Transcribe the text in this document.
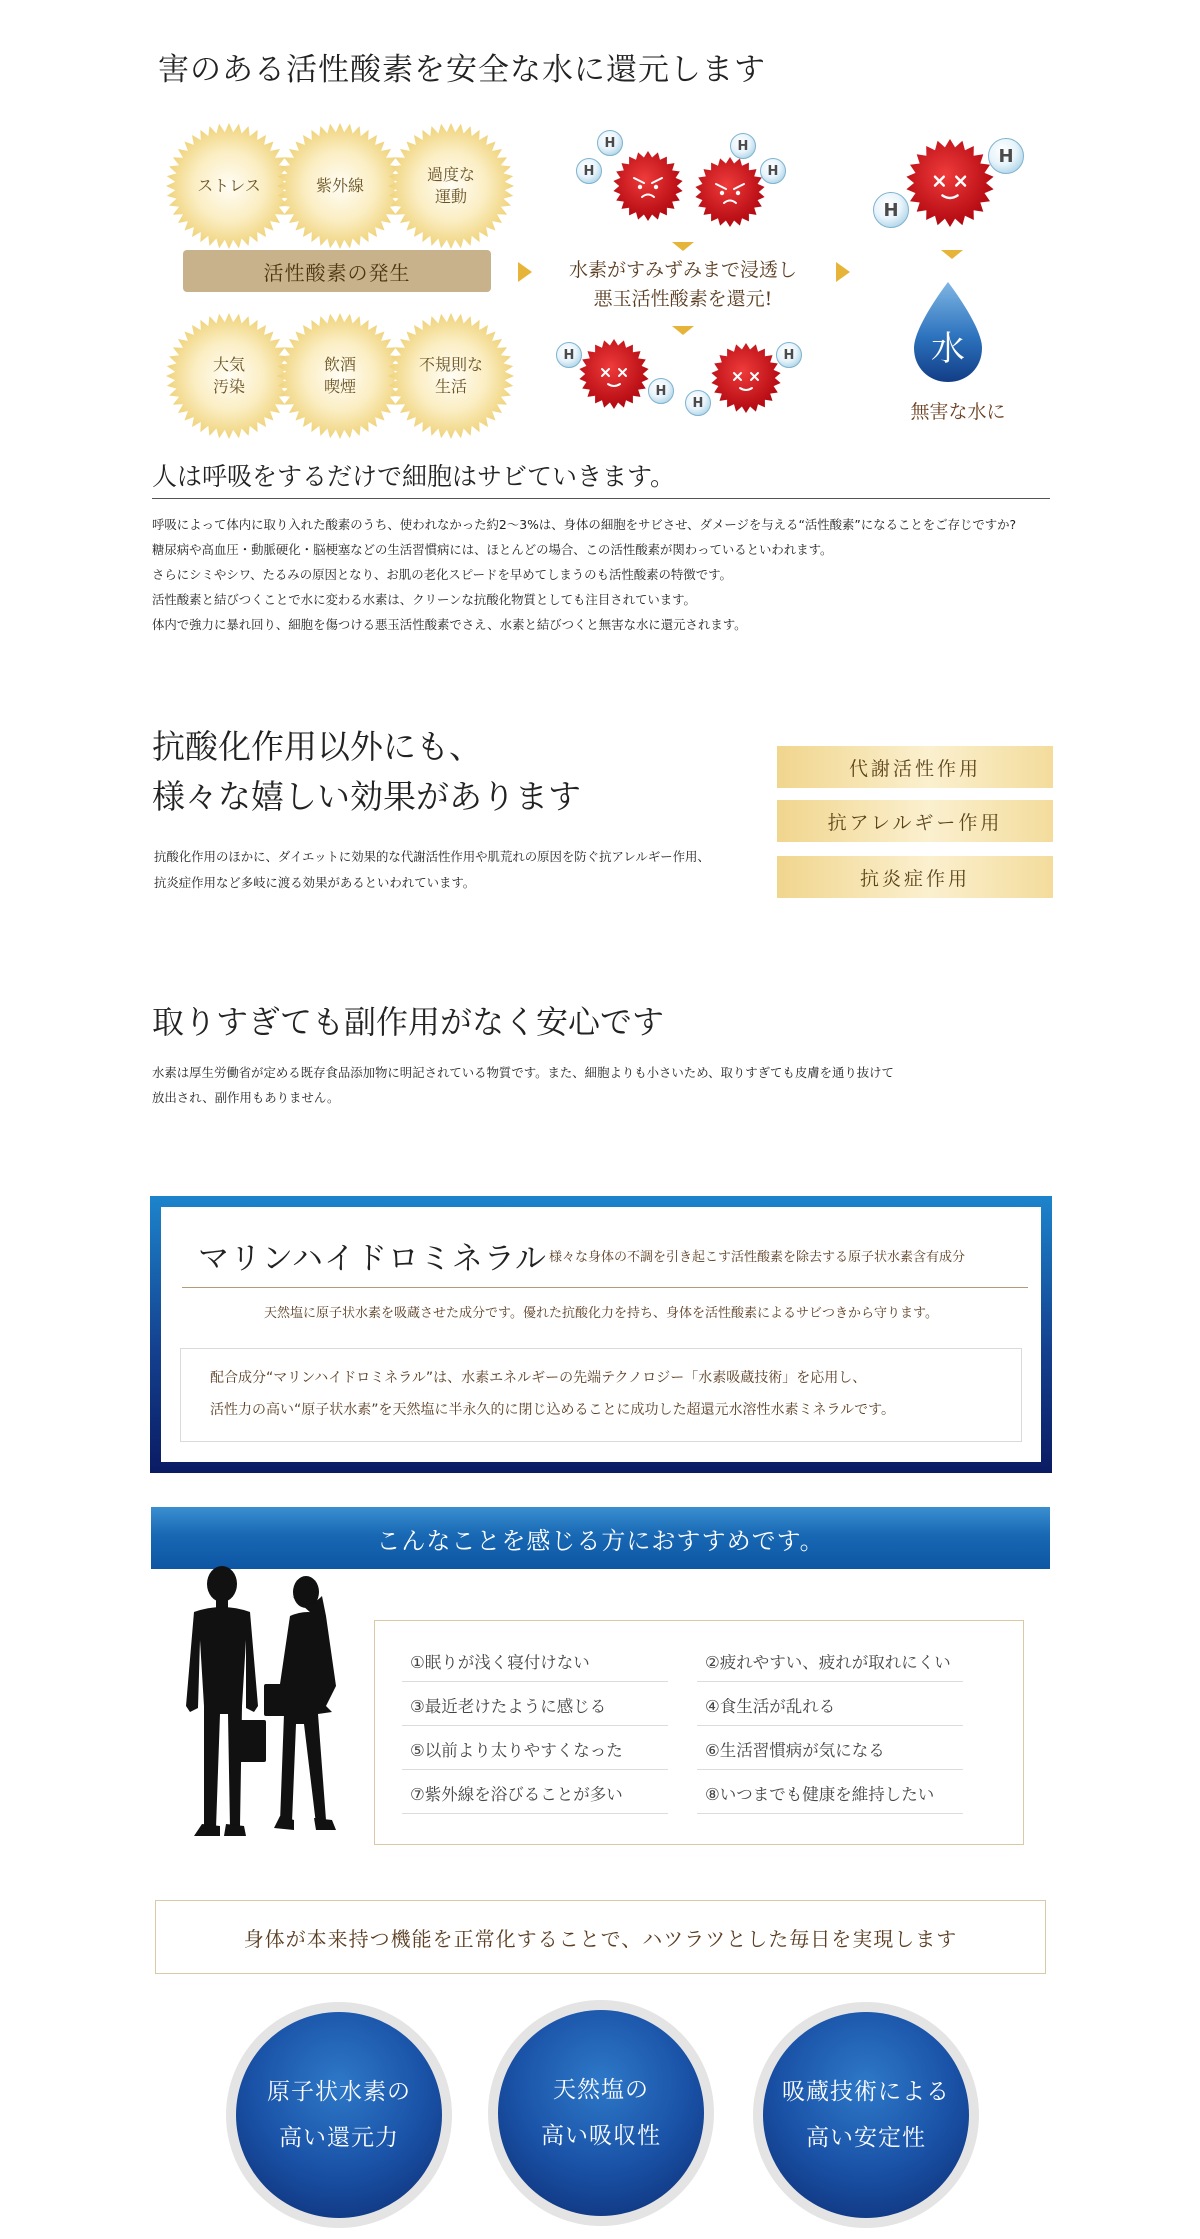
害のある活性酸素を安全な水に還元します
ストレス	紫外線
過度な
運動
活性酸素の発生
大気
汚染
飲酒
喫煙
不規則な
生活
水素がすみずみまで浸透し
悪玉活性酸素を還元!
H
H
H
H
H
H
H
H
H
H
水
無害な水に
人は呼吸をするだけで細胞はサビていきます。
呼吸によって体内に取り入れた酸素のうち、使われなかった約2～3%は、身体の細胞をサビさせ、ダメージを与える“活性酸素”になることをご存じですか?
糖尿病や高血圧・動脈硬化・脳梗塞などの生活習慣病には、ほとんどの場合、この活性酸素が関わっているといわれます。
さらにシミやシワ、たるみの原因となり、お肌の老化スピードを早めてしまうのも活性酸素の特徴です。
活性酸素と結びつくことで水に変わる水素は、クリーンな抗酸化物質としても注目されています。
体内で強力に暴れ回り、細胞を傷つける悪玉活性酸素でさえ、水素と結びつくと無害な水に還元されます。
抗酸化作用以外にも、
様々な嬉しい効果があります
抗酸化作用のほかに、ダイエットに効果的な代謝活性作用や肌荒れの原因を防ぐ抗アレルギー作用、
抗炎症作用など多岐に渡る効果があるといわれています。
代謝活性作用
抗アレルギー作用
抗炎症作用
取りすぎても副作用がなく安心です
水素は厚生労働省が定める既存食品添加物に明記されている物質です。また、細胞よりも小さいため、取りすぎても皮膚を通り抜けて
放出され、副作用もありません。
マリンハイドロミネラル 様々な身体の不調を引き起こす活性酸素を除去する原子状水素含有成分
天然塩に原子状水素を吸蔵させた成分です。優れた抗酸化力を持ち、身体を活性酸素によるサビつきから守ります。
配合成分“マリンハイドロミネラル”は、水素エネルギーの先端テクノロジー「水素吸蔵技術」を応用し、
活性力の高い“原子状水素”を天然塩に半永久的に閉じ込めることに成功した超還元水溶性水素ミネラルです。
こんなことを感じる方におすすめです。
①眠りが浅く寝付けない
③最近老けたように感じる
⑤以前より太りやすくなった
⑦紫外線を浴びることが多い
②疲れやすい、疲れが取れにくい
④食生活が乱れる
⑥生活習慣病が気になる
⑧いつまでも健康を維持したい
身体が本来持つ機能を正常化することで、ハツラツとした毎日を実現します
原子状水素の
高い還元力
天然塩の
高い吸収性
吸蔵技術による
高い安定性
